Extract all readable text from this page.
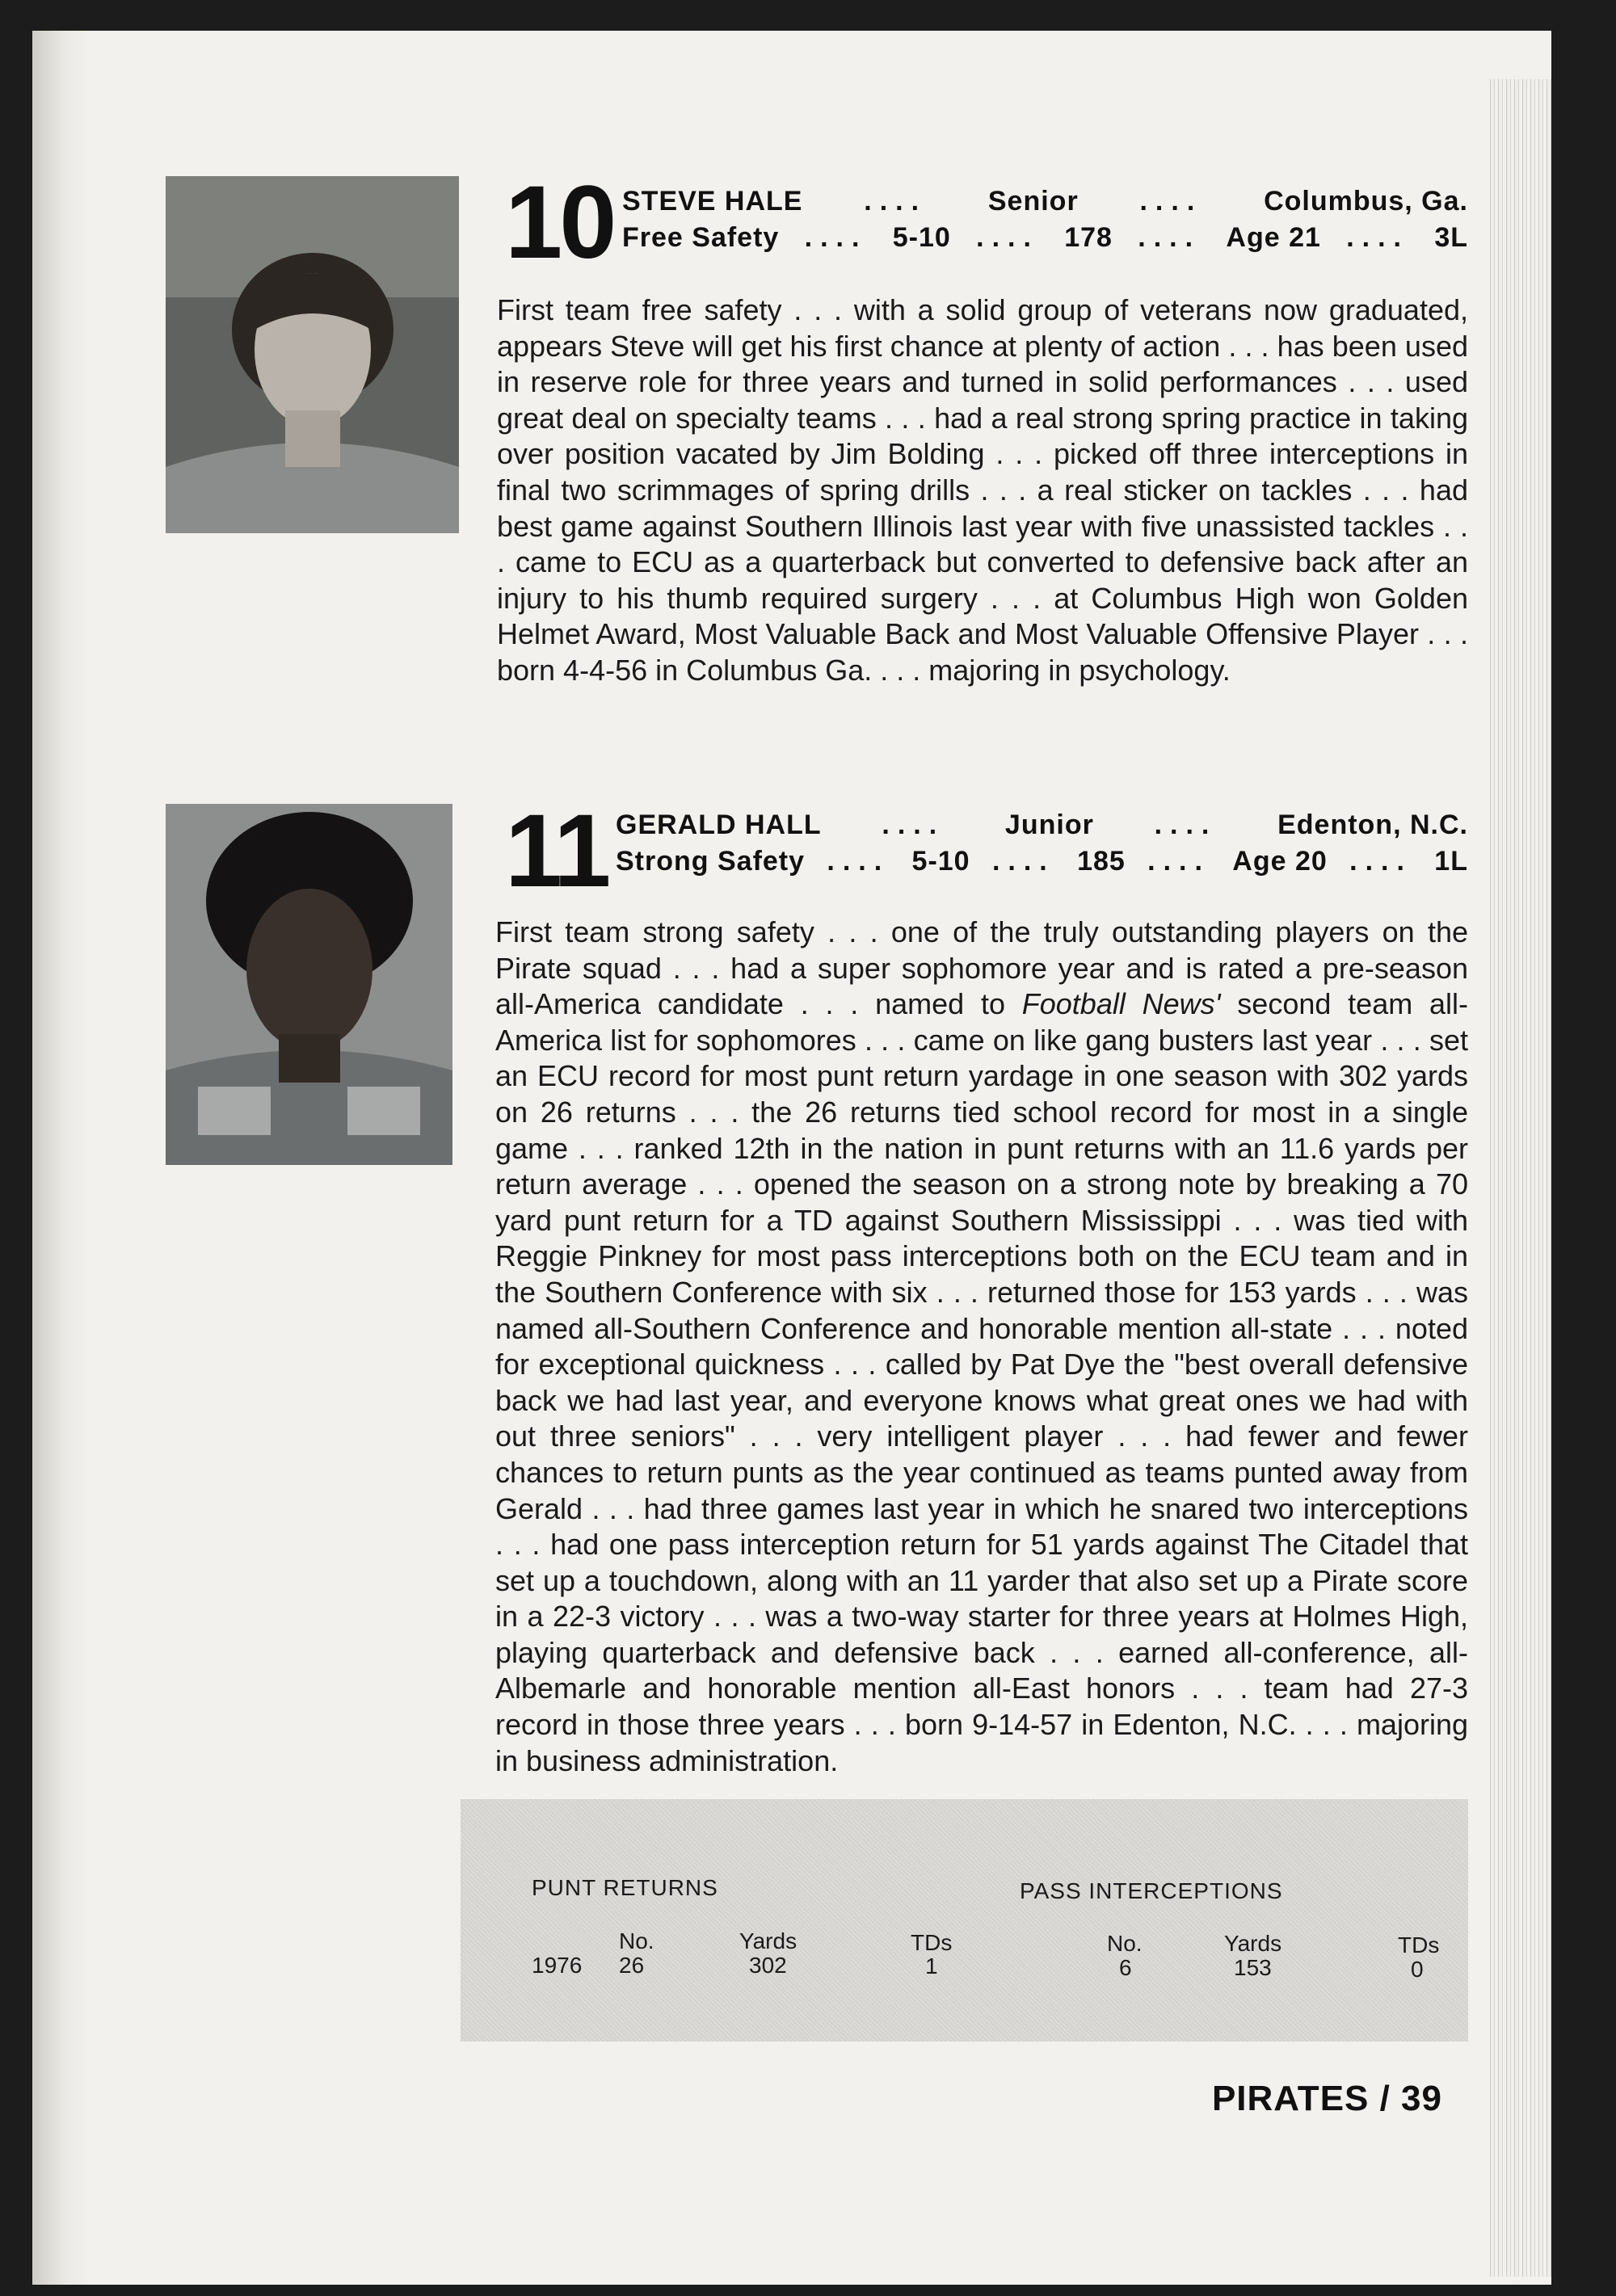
10 STEVE HALE .... Senior .... Columbus, Ga.
Free Safety .... 5-10 .... 178 .... Age 21 .... 3L

First team free safety . . . with a solid group of veterans now graduated, appears Steve will get his first chance at plenty of action . . . has been used in reserve role for three years and turned in solid performances . . . used great deal on specialty teams . . . had a real strong spring practice in taking over position vacated by Jim Bolding . . . picked off three interceptions in final two scrimmages of spring drills . . . a real sticker on tackles . . . had best game against Southern Illinois last year with five unassisted tackles . . . came to ECU as a quarterback but converted to defensive back after an injury to his thumb required surgery . . . at Columbus High won Golden Helmet Award, Most Valuable Back and Most Valuable Offensive Player . . . born 4-4-56 in Columbus Ga. . . . majoring in psychology.

11 GERALD HALL .... Junior .... Edenton, N.C.
Strong Safety .... 5-10 .... 185 .... Age 20 .... 1L

First team strong safety . . . one of the truly outstanding players on the Pirate squad . . . had a super sophomore year and is rated a pre-season all-America candidate . . . named to Football News' second team all-America list for sophomores . . . came on like gang busters last year . . . set an ECU record for most punt return yardage in one season with 302 yards on 26 returns . . . the 26 returns tied school record for most in a single game . . . ranked 12th in the nation in punt returns with an 11.6 yards per return average . . . opened the season on a strong note by breaking a 70 yard punt return for a TD against Southern Mississippi . . . was tied with Reggie Pinkney for most pass interceptions both on the ECU team and in the Southern Conference with six . . . returned those for 153 yards . . . was named all-Southern Conference and honorable mention all-state . . . noted for exceptional quickness . . . called by Pat Dye the "best overall defensive back we had last year, and everyone knows what great ones we had with out three seniors" . . . very intelligent player . . . had fewer and fewer chances to return punts as the year continued as teams punted away from Gerald . . . had three games last year in which he snared two interceptions . . . had one pass interception return for 51 yards against The Citadel that set up a touchdown, along with an 11 yarder that also set up a Pirate score in a 22-3 victory . . . was a two-way starter for three years at Holmes High, playing quarterback and defensive back . . . earned all-conference, all-Albemarle and honorable mention all-East honors . . . team had 27-3 record in those three years . . . born 9-14-57 in Edenton, N.C. . . . majoring in business administration.

PUNT RETURNS	PASS INTERCEPTIONS
No.	Yards	TDs	No.	Yards	TDs
1976 26	302	1	6	153	0
PIRATES / 39
